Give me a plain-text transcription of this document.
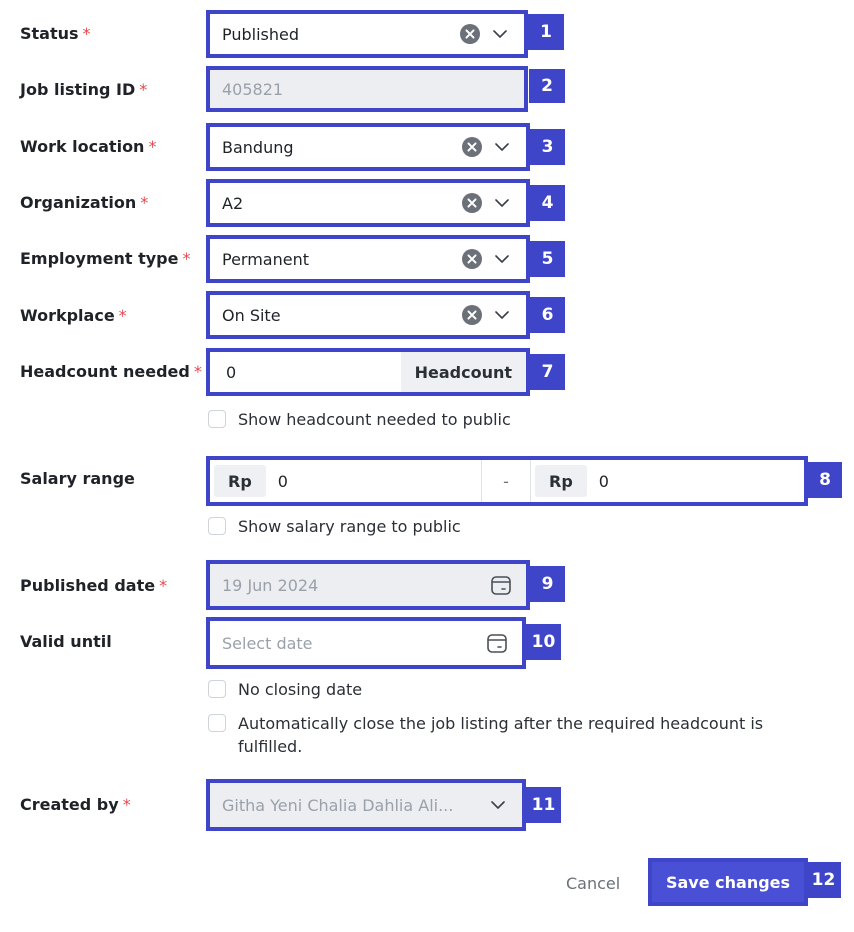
Status *	Published	1
Job listing ID *	405821	2
Work location *	Bandung	3
Organization *	A2	4
Employment type * Permanent	5
Workplace *	On Site	6
Headcount needed * 0	Headcount	7
Show headcount needed to public
Salary range	Rp	0	-	Rp	0	8
Show salary range to public
Published date *	19 Jun 2024	9
Valid until	Select date	10
No closing date
Automatically close the job listing after the required headcount is fulfilled.
Created by *	Githa Yeni Chalia Dahlia Ali...	11
Cancel	Save changes	12
